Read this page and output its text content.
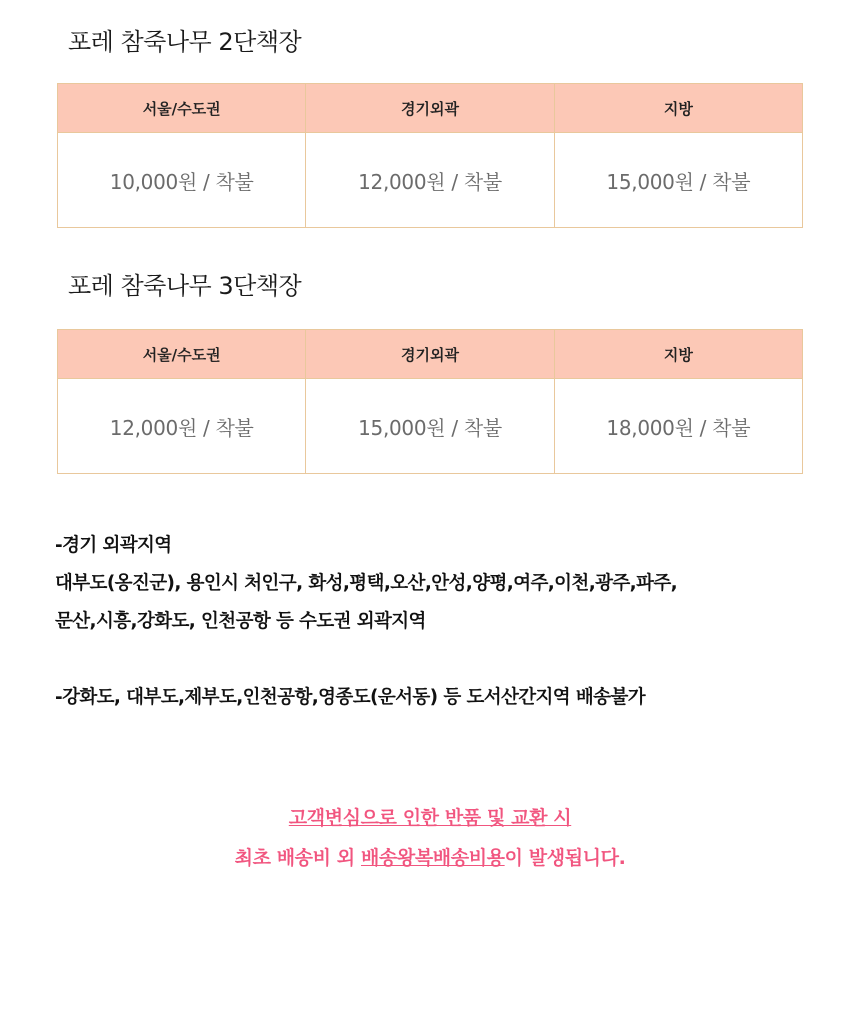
포레 참죽나무 2단책장
서울/수도권	경기외곽	지방
10,000원 / 착불	12,000원 / 착불	15,000원 / 착불
포레 참죽나무 3단책장
서울/수도권	경기외곽	지방
12,000원 / 착불	15,000원 / 착불	18,000원 / 착불

-경기 외곽지역

대부도(옹진군), 용인시 처인구, 화성,평택,오산,안성,양평,여주,이천,광주,파주,

문산,시흥,강화도, 인천공항 등 수도권 외곽지역

-강화도, 대부도,제부도,인천공항,영종도(운서동) 등 도서산간지역 배송불가

고객변심으로 인한 반품 및 교환 시
최초 배송비 외 배송왕복배송비용이 발생됩니다.
